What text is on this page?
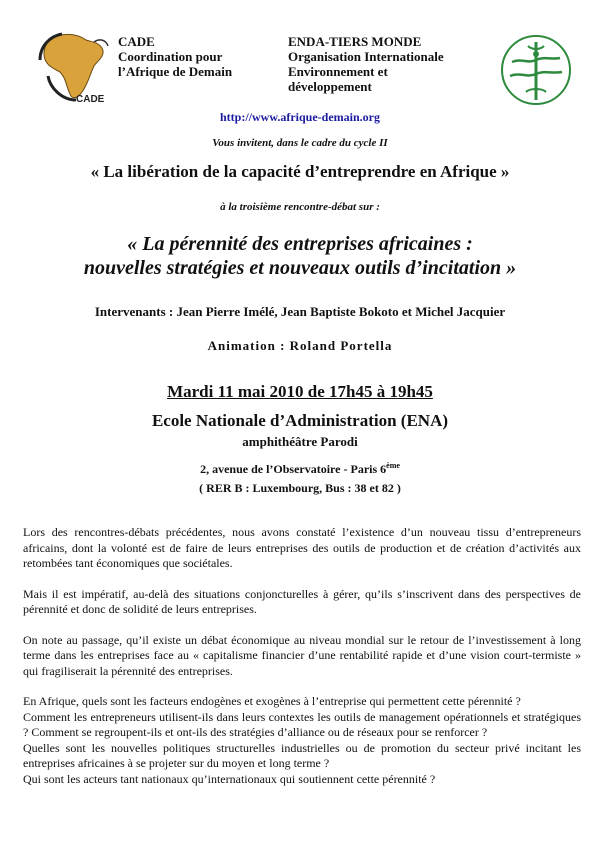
CADE
CADE
Coordination pour
l’Afrique de Demain
ENDA-TIERS MONDE
Organisation Internationale
Environnement et
développement
http://www.afrique-demain.org
Vous invitent, dans le cadre du cycle II
« La libération de la capacité d’entreprendre en Afrique »
à la troisième rencontre-débat sur :
« La pérennité des entreprises africaines :
nouvelles stratégies et nouveaux outils d’incitation »
Intervenants : Jean Pierre Imélé, Jean Baptiste Bokoto et Michel Jacquier
Animation : Roland Portella
Mardi 11 mai 2010 de 17h45 à 19h45
Ecole Nationale d’Administration (ENA)
amphithéâtre Parodi
2, avenue de l’Observatoire - Paris 6ème
( RER B : Luxembourg, Bus : 38 et 82 )

Lors des rencontres-débats précédentes, nous avons constaté l’existence d’un nouveau tissu d’entrepreneurs africains, dont la volonté est de faire de leurs entreprises des outils de production et de création d’activités aux retombées tant économiques que sociétales.

Mais il est impératif, au-delà des situations conjoncturelles à gérer, qu’ils s’inscrivent dans des perspectives de pérennité et donc de solidité de leurs entreprises.

On note au passage, qu’il existe un débat économique au niveau mondial sur le retour de l’investissement à long terme dans les entreprises face au « capitalisme financier d’une rentabilité rapide et d’une vision court-termiste » qui fragiliserait la pérennité des entreprises.

En Afrique, quels sont les facteurs endogènes et exogènes à l’entreprise qui permettent cette pérennité ?
Comment les entrepreneurs utilisent-ils dans leurs contextes les outils de management opérationnels et stratégiques ? Comment se regroupent-ils et ont-ils des stratégies d’alliance ou de réseaux pour se renforcer ?
Quelles sont les nouvelles politiques structurelles industrielles ou de promotion du secteur privé incitant les entreprises africaines à se projeter sur du moyen et long terme ?
Qui sont les acteurs tant nationaux qu’internationaux qui soutiennent cette pérennité ?
